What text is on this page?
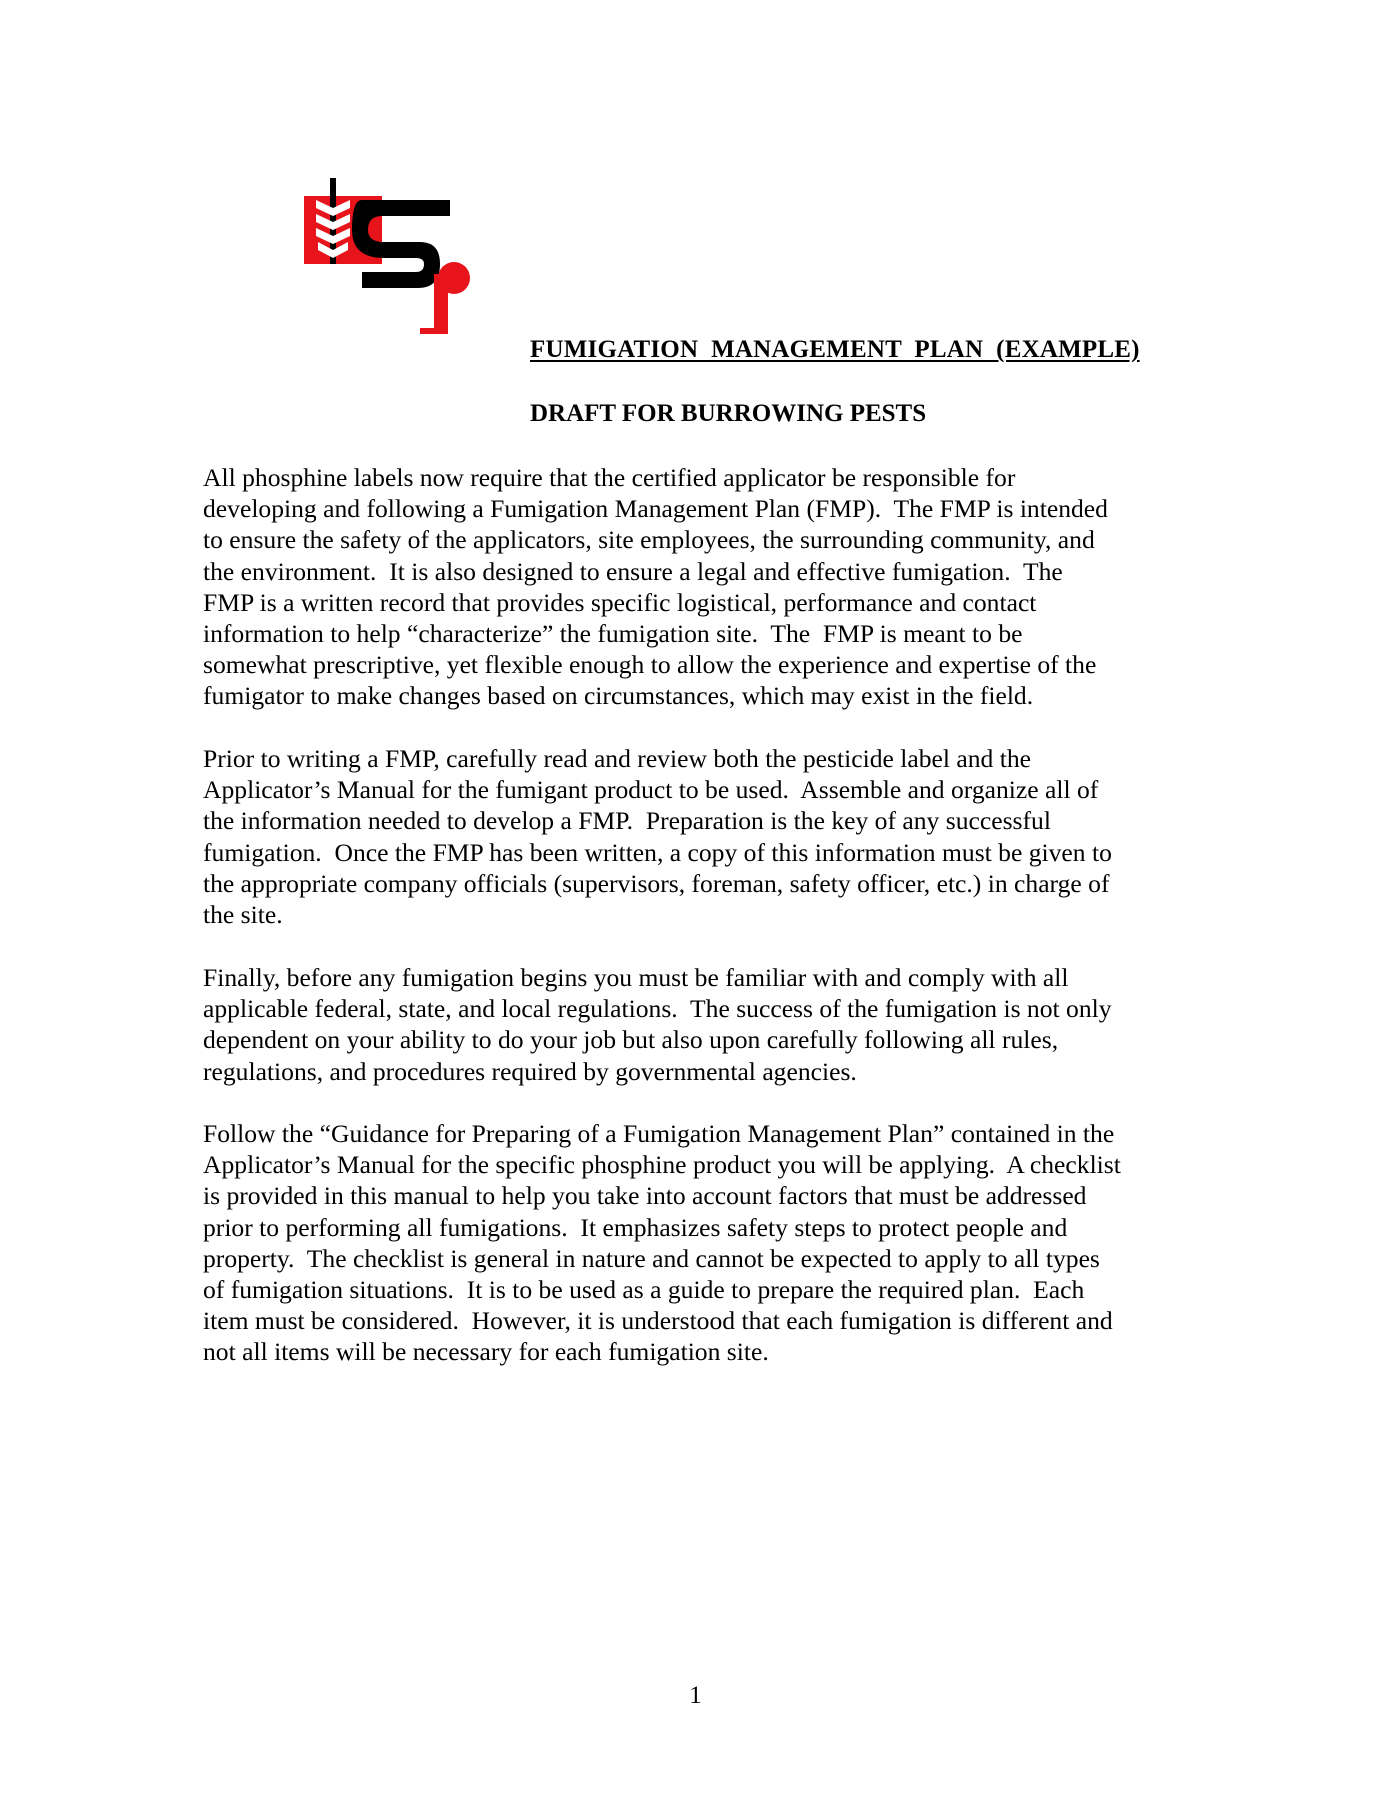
FUMIGATION  MANAGEMENT  PLAN  (EXAMPLE)
DRAFT FOR BURROWING PESTS

All phosphine labels now require that the certified applicator be responsible for
developing and following a Fumigation Management Plan (FMP).  The FMP is intended
to ensure the safety of the applicators, site employees, the surrounding community, and
the environment.  It is also designed to ensure a legal and effective fumigation.  The
FMP is a written record that provides specific logistical, performance and contact
information to help “characterize” the fumigation site.  The  FMP is meant to be
somewhat prescriptive, yet flexible enough to allow the experience and expertise of the
fumigator to make changes based on circumstances, which may exist in the field.

Prior to writing a FMP, carefully read and review both the pesticide label and the
Applicator’s Manual for the fumigant product to be used.  Assemble and organize all of
the information needed to develop a FMP.  Preparation is the key of any successful
fumigation.  Once the FMP has been written, a copy of this information must be given to
the appropriate company officials (supervisors, foreman, safety officer, etc.) in charge of
the site.

Finally, before any fumigation begins you must be familiar with and comply with all
applicable federal, state, and local regulations.  The success of the fumigation is not only
dependent on your ability to do your job but also upon carefully following all rules,
regulations, and procedures required by governmental agencies.

Follow the “Guidance for Preparing of a Fumigation Management Plan” contained in the
Applicator’s Manual for the specific phosphine product you will be applying.  A checklist
is provided in this manual to help you take into account factors that must be addressed
prior to performing all fumigations.  It emphasizes safety steps to protect people and
property.  The checklist is general in nature and cannot be expected to apply to all types
of fumigation situations.  It is to be used as a guide to prepare the required plan.  Each
item must be considered.  However, it is understood that each fumigation is different and
not all items will be necessary for each fumigation site.

1
